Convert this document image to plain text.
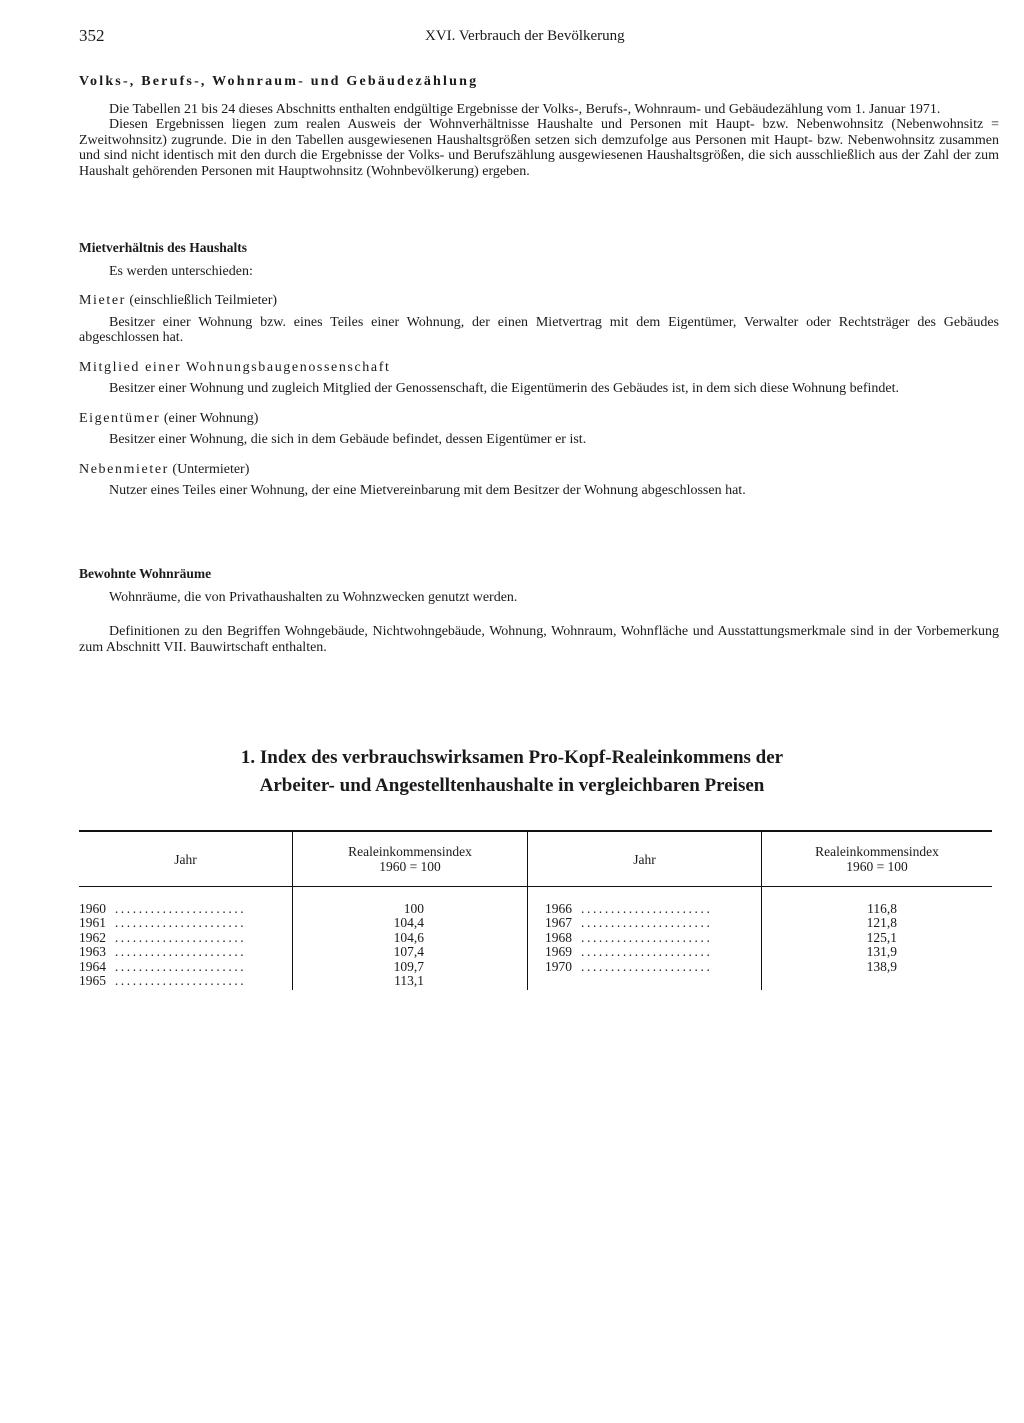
352	XVI. Verbrauch der Bevölkerung

Volks-, Berufs-, Wohnraum- und Gebäudezählung

Die Tabellen 21 bis 24 dieses Abschnitts enthalten endgültige Ergebnisse der Volks-, Berufs-, Wohnraum- und Gebäudezählung vom 1. Januar 1971.

Diesen Ergebnissen liegen zum realen Ausweis der Wohnverhältnisse Haushalte und Personen mit Haupt- bzw. Nebenwohnsitz (Nebenwohnsitz = Zweitwohnsitz) zugrunde. Die in den Tabellen ausgewiesenen Haushaltsgrößen setzen sich demzufolge aus Personen mit Haupt- bzw. Nebenwohnsitz zusammen und sind nicht identisch mit den durch die Ergebnisse der Volks- und Berufszählung ausgewiesenen Haushaltsgrößen, die sich ausschließlich aus der Zahl der zum Haushalt gehörenden Personen mit Hauptwohnsitz (Wohnbevölkerung) ergeben.

Mietverhältnis des Haushalts

Es werden unterschieden:

Mieter (einschließlich Teilmieter)

Besitzer einer Wohnung bzw. eines Teiles einer Wohnung, der einen Mietvertrag mit dem Eigentümer, Verwalter oder Rechtsträger des Gebäudes abgeschlossen hat.

Mitglied einer Wohnungsbaugenossenschaft

Besitzer einer Wohnung und zugleich Mitglied der Genossenschaft, die Eigentümerin des Gebäudes ist, in dem sich diese Wohnung befindet.

Eigentümer (einer Wohnung)

Besitzer einer Wohnung, die sich in dem Gebäude befindet, dessen Eigentümer er ist.

Nebenmieter (Untermieter)

Nutzer eines Teiles einer Wohnung, der eine Mietvereinbarung mit dem Besitzer der Wohnung abgeschlossen hat.

Bewohnte Wohnräume

Wohnräume, die von Privathaushalten zu Wohnzwecken genutzt werden.

Definitionen zu den Begriffen Wohngebäude, Nichtwohngebäude, Wohnung, Wohnraum, Wohnfläche und Ausstattungsmerkmale sind in der Vorbemerkung zum Abschnitt VII. Bauwirtschaft enthalten.

1. Index des verbrauchswirksamen Pro-Kopf-Realeinkommens der
Arbeiter- und Angestelltenhaushalte in vergleichbaren Preisen
Jahr
Realeinkommensindex
1960 = 100	Jahr
Realeinkommensindex
1960 = 100
1960 ......................
1961 ......................
1962 ......................
1963 ......................
1964 ......................
1965 ......................
100
104,4
104,6
107,4
109,7
113,1
1966 ......................
1967 ......................
1968 ......................
1969 ......................
1970 ......................
116,8
121,8
125,1
131,9
138,9
